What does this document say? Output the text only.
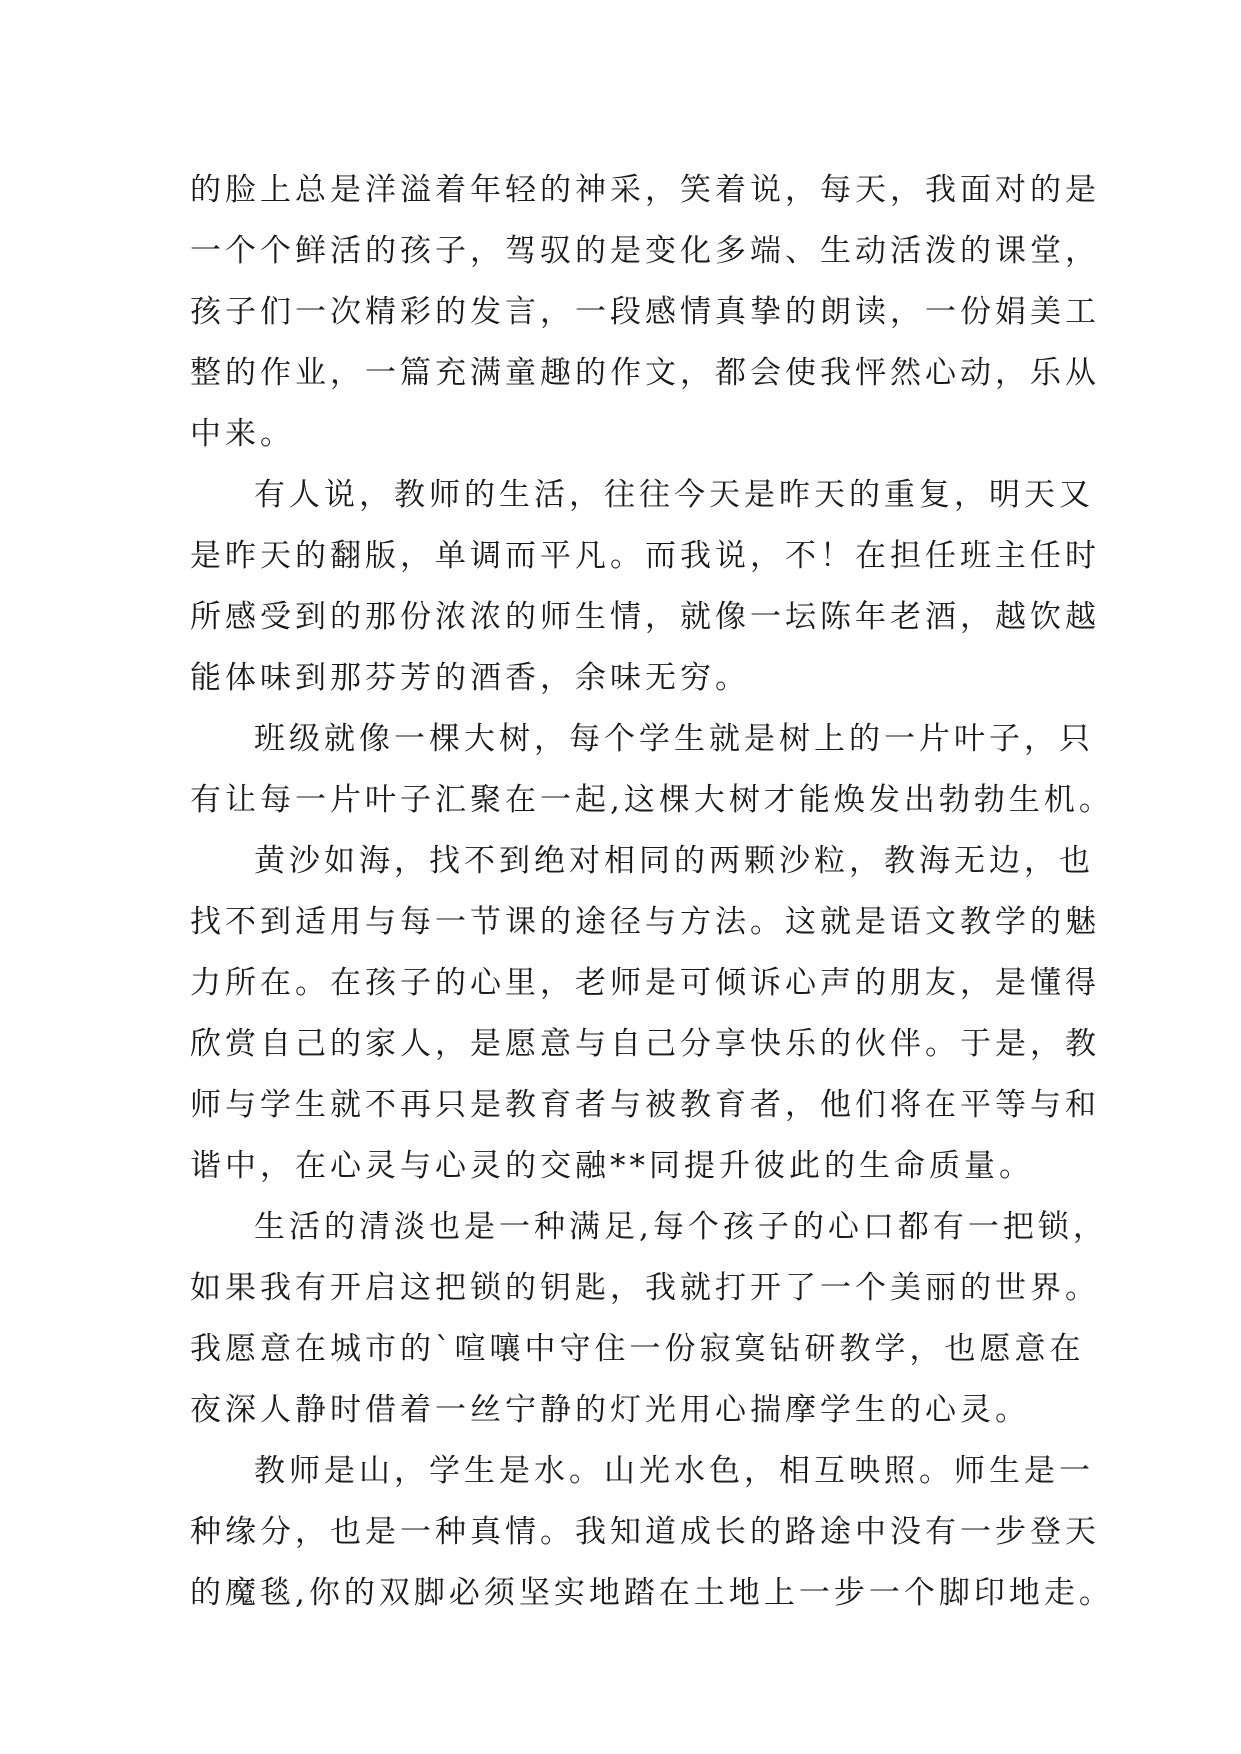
的脸上总是洋溢着年轻的神采，笑着说，每天，我面对的是
一个个鲜活的孩子，驾驭的是变化多端、生动活泼的课堂，
孩子们一次精彩的发言，一段感情真挚的朗读，一份娟美工
整的作业，一篇充满童趣的作文，都会使我怦然心动，乐从
中来。
有人说，教师的生活，往往今天是昨天的重复，明天又
是昨天的翻版，单调而平凡。而我说，不！在担任班主任时
所感受到的那份浓浓的师生情，就像一坛陈年老酒，越饮越
能体味到那芬芳的酒香，余味无穷。
班级就像一棵大树，每个学生就是树上的一片叶子，只
有让每一片叶子汇聚在一起,这棵大树才能焕发出勃勃生机。
黄沙如海，找不到绝对相同的两颗沙粒，教海无边，也
找不到适用与每一节课的途径与方法。这就是语文教学的魅
力所在。在孩子的心里，老师是可倾诉心声的朋友，是懂得
欣赏自己的家人，是愿意与自己分享快乐的伙伴。于是，教
师与学生就不再只是教育者与被教育者，他们将在平等与和
谐中，在心灵与心灵的交融**同提升彼此的生命质量。
生活的清淡也是一种满足,每个孩子的心口都有一把锁，
如果我有开启这把锁的钥匙，我就打开了一个美丽的世界。
我愿意在城市的`喧嚷中守住一份寂寞钻研教学，也愿意在
夜深人静时借着一丝宁静的灯光用心揣摩学生的心灵。
教师是山，学生是水。山光水色，相互映照。师生是一
种缘分，也是一种真情。我知道成长的路途中没有一步登天
的魔毯,你的双脚必须坚实地踏在土地上一步一个脚印地走。
